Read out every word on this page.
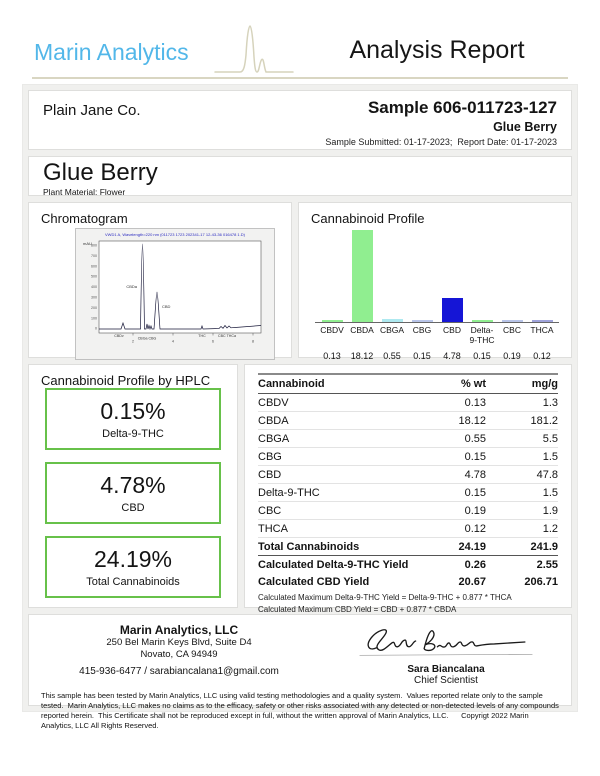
Marin Analytics	Analysis Report
Plain Jane Co.	Sample 606-011723-127
Glue Berry
Sample Submitted: 01-17-2023;  Report Date: 01-17-2023
Glue Berry
Plant Material: Flower
Chromatogram
VWD1 A, Wavelength=220 nm (011723 1723 202341-17 12-43-36 016478 1.D)
mAU 800
700
600
500
400
300
200
100
0
2	4	6	8
CBDa
CBD
CBDv
CBGa CBG
THC	CBC THCa
Cannabinoid Profile
CBDV CBDA CBGA	CBG	CBD	Delta-9-THC
CBC	THCA
0.13	18.12	0.55	0.15	4.78	0.15	0.19	0.12
Cannabinoid Profile by HPLC
0.15%
Delta-9-THC
4.78%
CBD
24.19%
Total Cannabinoids
Cannabinoid	% wt	mg/g
CBDV	0.13	1.3
CBDA	18.12	181.2
CBGA	0.55	5.5
CBG	0.15	1.5
CBD	4.78	47.8
Delta-9-THC	0.15	1.5
CBC	0.19	1.9
THCA	0.12	1.2
Total Cannabinoids	24.19	241.9
Calculated Delta-9-THC Yield	0.26	2.55
Calculated CBD Yield	20.67	206.71
Calculated Maximum Delta-9-THC Yield = Delta-9-THC + 0.877 * THCA
Calculated Maximum CBD Yield = CBD + 0.877 * CBDA
Marin Analytics, LLC
250 Bel Marin Keys Blvd, Suite D4
Novato, CA 94949
415-936-6477 / sarabiancalana1@gmail.com	Sara Biancalana
Chief Scientist
This sample has been tested by Marin Analytics, LLC using valid testing methodologies and a quality system.  Values reported relate only to the sample tested.  Marin Analytics, LLC makes no claims as to the efficacy, safety or other risks associated with any detected or non-detected levels of any compounds reported herein.  This Certificate shall not be reproduced except in full, without the written approval of Marin Analytics, LLC.      Copyrigt 2022 Marin Analytics, LLC All Rights Reserved.
